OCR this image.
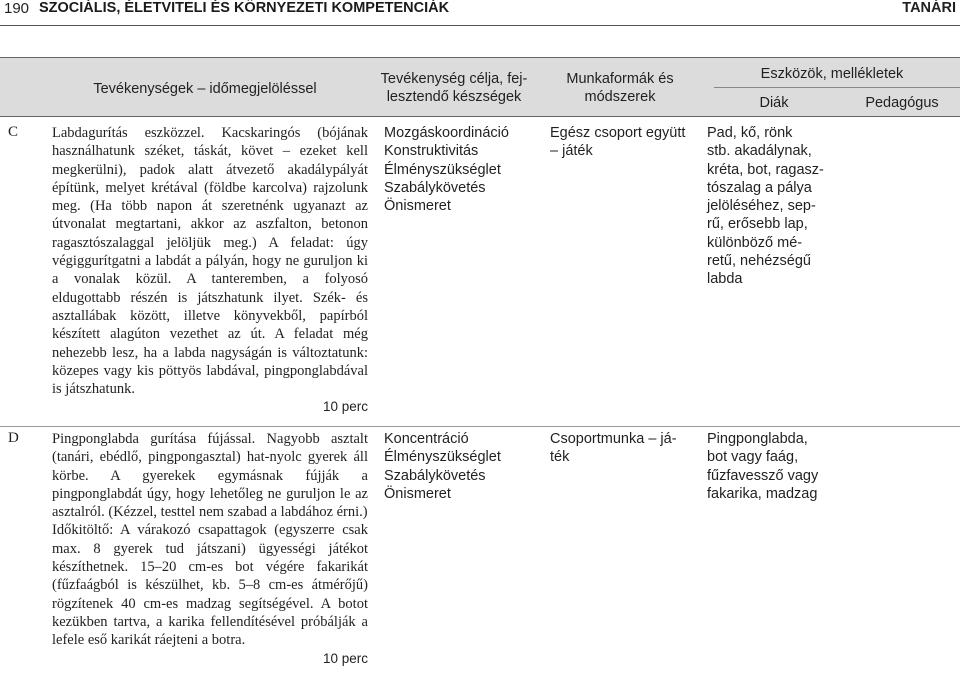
190 SZOCIÁLIS, ÉLETVITELI ÉS KÖRNYEZETI KOMPETENCIÁK	TANÁRI
Tevékenységek – időmegjelöléssel
Tevékenység célja, fej-
lesztendő készségek
Munkaformák és
módszerek
Eszközök, mellékletek
Diák	Pedagógus
C Labdagurítás eszközzel. Kacskaringós (bójának használhatunk széket, táskát, követ – ezeket kell megkerülni), padok alatt átvezető akadálypályát építünk, melyet krétával (földbe karcolva) rajzolunk meg. (Ha több napon át szeretnénk ugyanazt az útvonalat megtartani, akkor az aszfalton, betonon ragasztószalaggal jelöljük meg.) A feladat: úgy végiggurítgatni a labdát a pályán, hogy ne guruljon ki a vonalak közül. A tanteremben, a folyosó eldugottabb részén is játszhatunk ilyet. Szék- és asztallábak között, illetve könyvekből, papírból készített alagúton vezethet az út. A feladat még nehezebb lesz, ha a labda nagyságán is változtatunk: közepes vagy kis pöttyös labdával, pingponglabdával is játszhatunk.

10 perc
Mozgáskoordináció
Konstruktivitás
Élményszükséglet
Szabálykövetés
Önismeret
Egész csoport együtt
– játék
Pad, kő, rönk
stb. akadálynak,
kréta, bot, ragasz-
tószalag a pálya
jelöléséhez, sep-
rű, erősebb lap,
különböző mé-
retű, nehézségű
labda
D Pingponglabda gurítása fújással. Nagyobb asztalt (tanári, ebédlő, pingpongasztal) hat-nyolc gyerek áll körbe. A gyerekek egymásnak fújják a pingponglabdát úgy, hogy lehetőleg ne guruljon le az asztalról. (Kézzel, testtel nem szabad a labdához érni.)

Időkitöltő: A várakozó csapattagok (egyszerre csak max. 8 gyerek tud játszani) ügyességi játékot készíthetnek. 15–20 cm-es bot végére fakarikát (fűzfaágból is készülhet, kb. 5–8 cm-es átmérőjű) rögzítenek 40 cm-es madzag segítségével. A botot kezükben tartva, a karika fellendítésével próbálják a lefele eső karikát ráejteni a botra.

10 perc
Koncentráció
Élményszükséglet
Szabálykövetés
Önismeret
Csoportmunka – já-
ték
Pingponglabda,
bot vagy faág,
fűzfavessző vagy
fakarika, madzag
